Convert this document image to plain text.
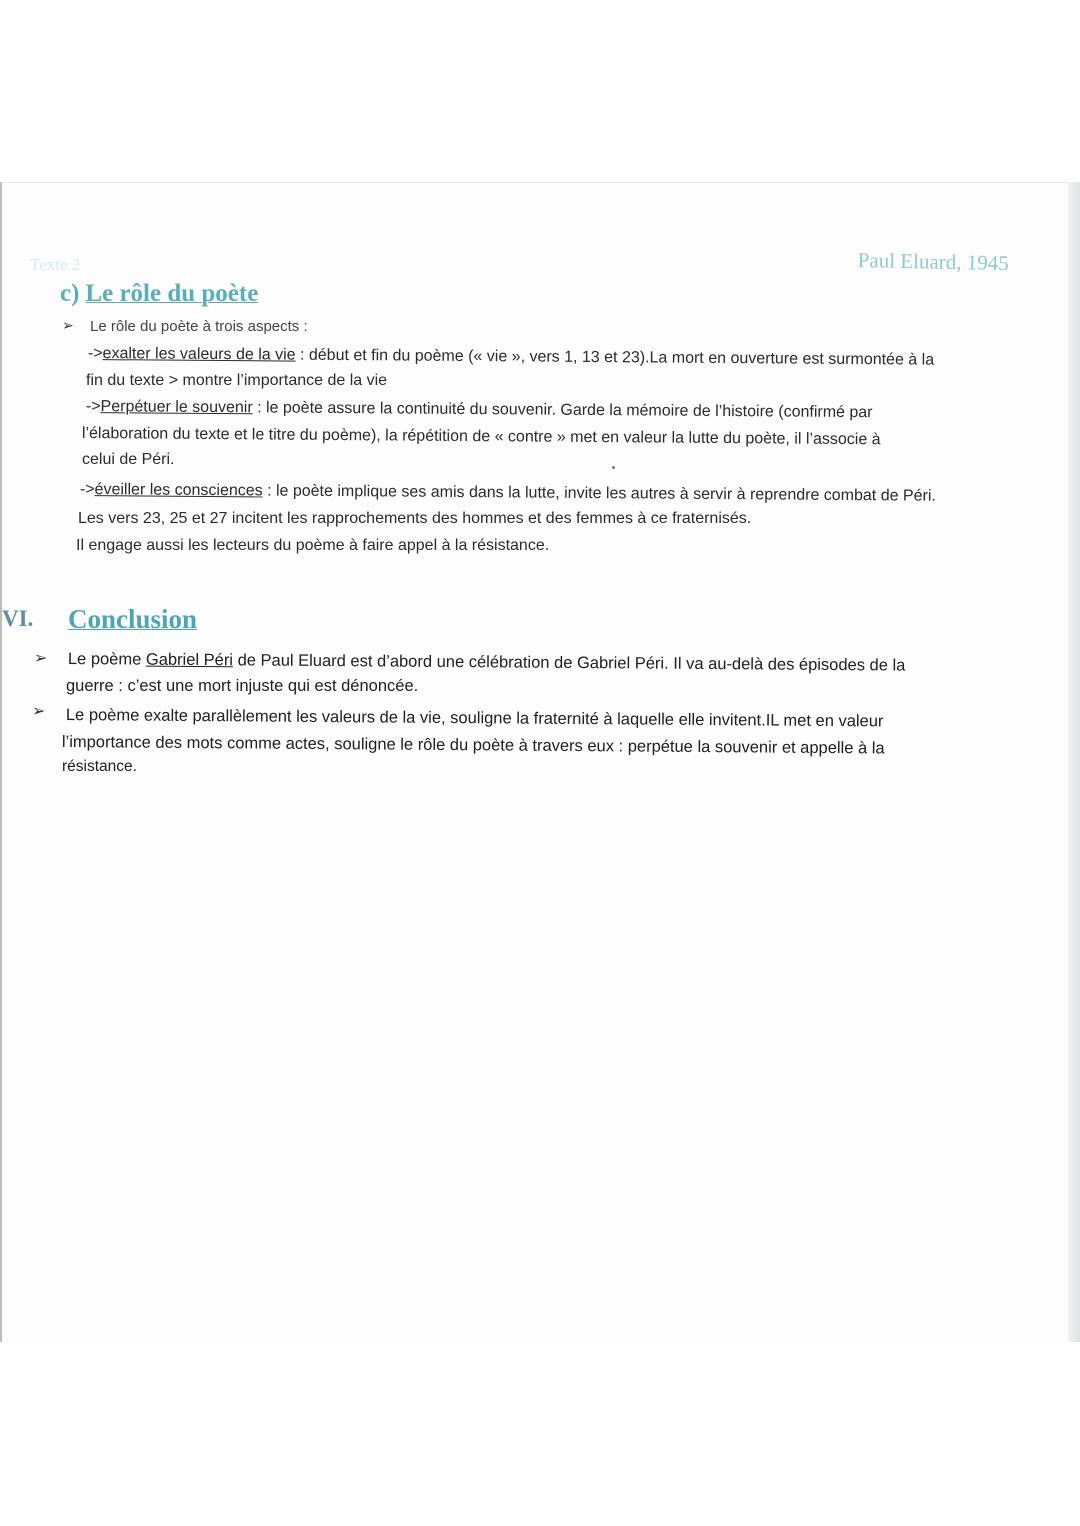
Texte 2	Paul Eluard, 1945
c) Le rôle du poète
➢ Le rôle du poète à trois aspects :
->exalter les valeurs de la vie : début et fin du poème (« vie », vers 1, 13 et 23).La mort en ouverture est surmontée à la
fin du texte > montre l’importance de la vie
->Perpétuer le souvenir : le poète assure la continuité du souvenir. Garde la mémoire de l’histoire (confirmé par
l’élaboration du texte et le titre du poème), la répétition de « contre » met en valeur la lutte du poète, il l’associe à
celui de Péri.
->éveiller les consciences : le poète implique ses amis dans la lutte, invite les autres à servir à reprendre combat de Péri.
Les vers 23, 25 et 27 incitent les rapprochements des hommes et des femmes à ce fraternisés.
Il engage aussi les lecteurs du poème à faire appel à la résistance.
VI. Conclusion
➢ Le poème Gabriel Péri de Paul Eluard est d’abord une célébration de Gabriel Péri. Il va au-delà des épisodes de la
guerre : c’est une mort injuste qui est dénoncée.
➢ Le poème exalte parallèlement les valeurs de la vie, souligne la fraternité à laquelle elle invitent.IL met en valeur
l’importance des mots comme actes, souligne le rôle du poète à travers eux : perpétue la souvenir et appelle à la
résistance.
